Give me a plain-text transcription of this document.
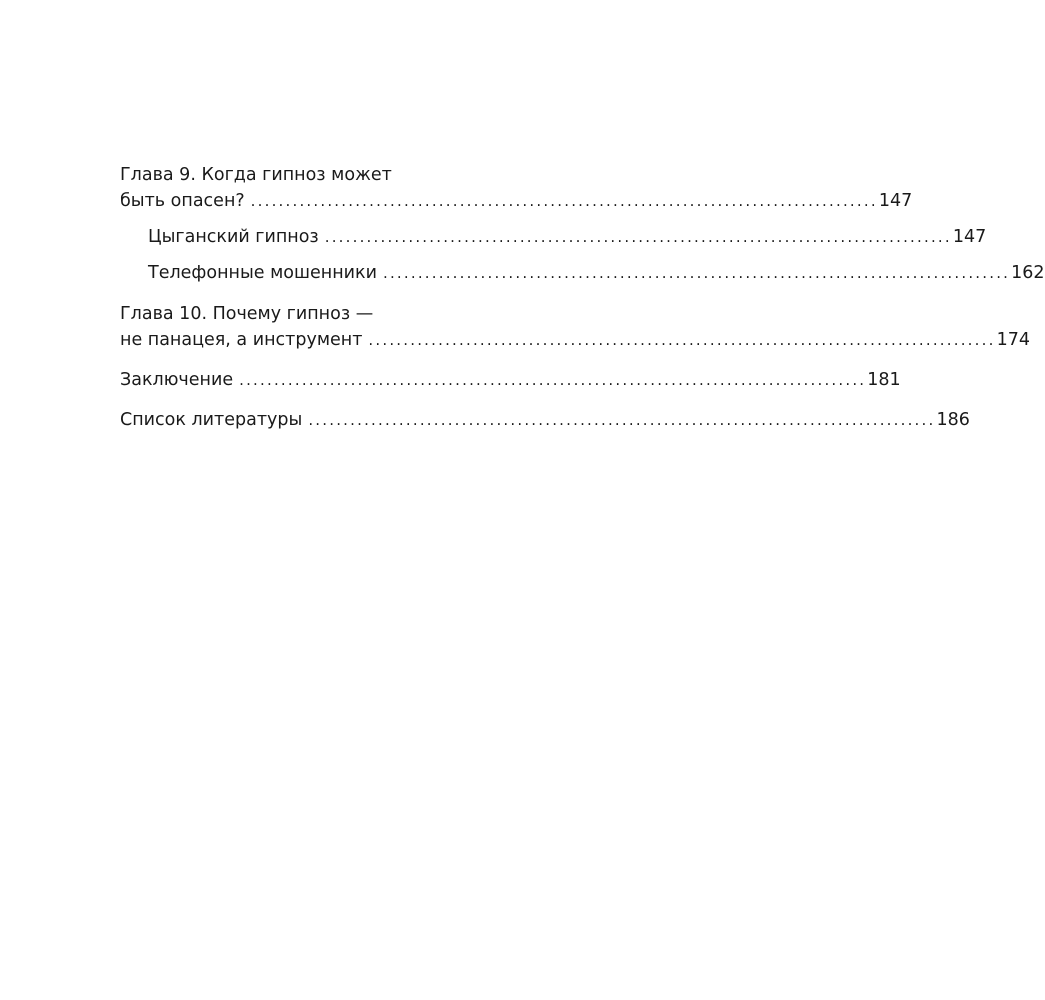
Глава 9. Когда гипноз может
быть опасен? .......................................................................................... 147
Цыганский гипноз .......................................................................................... 147
Телефонные мошенники .......................................................................................... 162
Глава 10. Почему гипноз —
не панацея, а инструмент .......................................................................................... 174
Заключение .......................................................................................... 181
Список литературы .......................................................................................... 186
